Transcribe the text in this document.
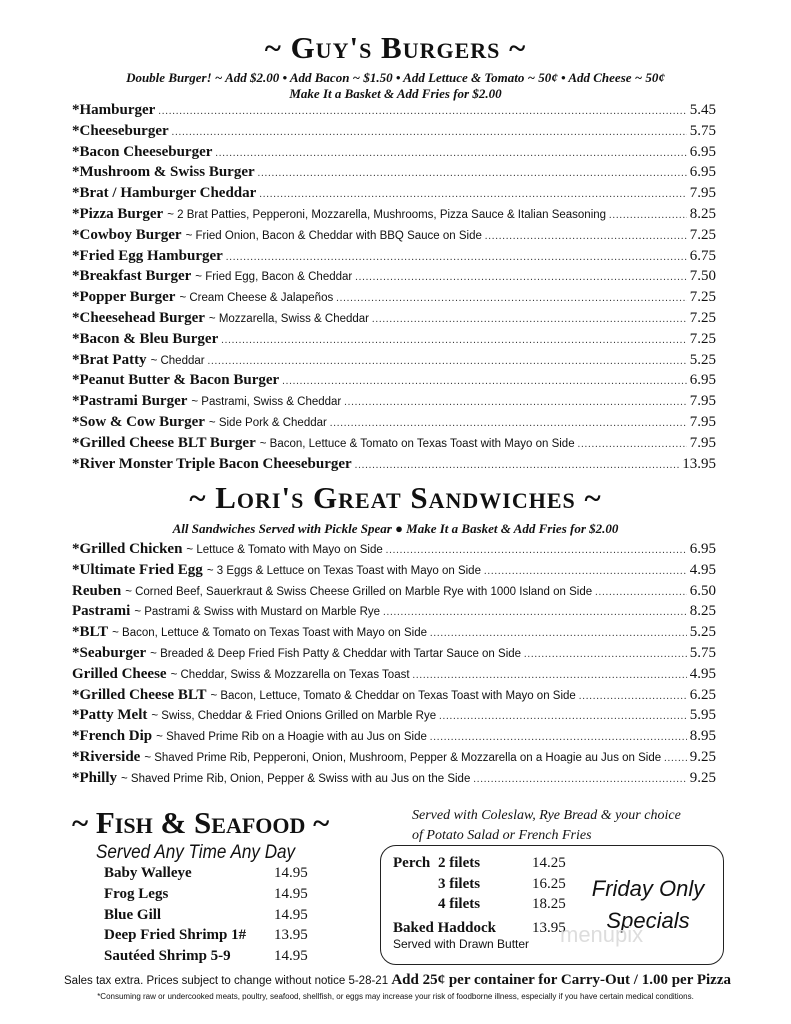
~ Guy's Burgers ~
Double Burger! ~ Add $2.00 • Add Bacon ~ $1.50 • Add Lettuce & Tomato ~ 50¢ • Add Cheese ~ 50¢
Make It a Basket & Add Fries for $2.00
*Hamburger .....	5.45
*Cheeseburger .....	5.75
*Bacon Cheeseburger .....	6.95
*Mushroom & Swiss Burger .....	6.95
*Brat / Hamburger Cheddar .....	7.95
*Pizza Burger ~ 2 Brat Patties, Pepperoni, Mozzarella, Mushrooms, Pizza Sauce & Italian Seasoning .....	8.25
*Cowboy Burger ~ Fried Onion, Bacon & Cheddar with BBQ Sauce on Side .....	7.25
*Fried Egg Hamburger .....	6.75
*Breakfast Burger ~ Fried Egg, Bacon & Cheddar .....	7.50
*Popper Burger ~ Cream Cheese & Jalapeños .....	7.25
*Cheesehead Burger ~ Mozzarella, Swiss & Cheddar .....	7.25
*Bacon & Bleu Burger .....	7.25
*Brat Patty ~ Cheddar .....	5.25
*Peanut Butter & Bacon Burger .....	6.95
*Pastrami Burger ~ Pastrami, Swiss & Cheddar .....	7.95
*Sow & Cow Burger ~ Side Pork & Cheddar .....	7.95
*Grilled Cheese BLT Burger ~ Bacon, Lettuce & Tomato on Texas Toast with Mayo on Side .....	7.95
*River Monster Triple Bacon Cheeseburger .....	13.95
~ Lori's Great Sandwiches ~
All Sandwiches Served with Pickle Spear ● Make It a Basket & Add Fries for $2.00
*Grilled Chicken ~ Lettuce & Tomato with Mayo on Side .....	6.95
*Ultimate Fried Egg ~ 3 Eggs & Lettuce on Texas Toast with Mayo on Side .....	4.95
Reuben ~ Corned Beef, Sauerkraut & Swiss Cheese Grilled on Marble Rye with 1000 Island on Side .....	6.50
Pastrami ~ Pastrami & Swiss with Mustard on Marble Rye .....	8.25
*BLT ~ Bacon, Lettuce & Tomato on Texas Toast with Mayo on Side .....	5.25
*Seaburger ~ Breaded & Deep Fried Fish Patty & Cheddar with Tartar Sauce on Side .....	5.75
Grilled Cheese ~ Cheddar, Swiss & Mozzarella on Texas Toast .....	4.95
*Grilled Cheese BLT ~ Bacon, Lettuce, Tomato & Cheddar on Texas Toast with Mayo on Side .....	6.25
*Patty Melt ~ Swiss, Cheddar & Fried Onions Grilled on Marble Rye .....	5.95
*French Dip ~ Shaved Prime Rib on a Hoagie with au Jus on Side .....	8.95
*Riverside ~ Shaved Prime Rib, Pepperoni, Onion, Mushroom, Pepper & Mozzarella on a Hoagie au Jus on Side ..... 9.25
*Philly ~ Shaved Prime Rib, Onion, Pepper & Swiss with au Jus on the Side .....	9.25
~ Fish & Seafood ~	Served with Coleslaw, Rye Bread & your choice
of Potato Salad or French Fries
Served Any Time Any Day
Baby Walleye	14.95
Frog Legs	14.95
Blue Gill	14.95
Deep Fried Shrimp 1#	13.95
Sautéed Shrimp 5-9	14.95
Perch 2 filets	14.25
3 filets	16.25
4 filets	18.25
Baked Haddock 13.95
Served with Drawn Butter
Friday Only
Specials
menupix
Sales tax extra. Prices subject to change without notice 5-28-21 Add 25¢ per container for Carry-Out / 1.00 per Pizza
*Consuming raw or undercooked meats, poultry, seafood, shellfish, or eggs may increase your risk of foodborne illness, especially if you have certain medical conditions.
